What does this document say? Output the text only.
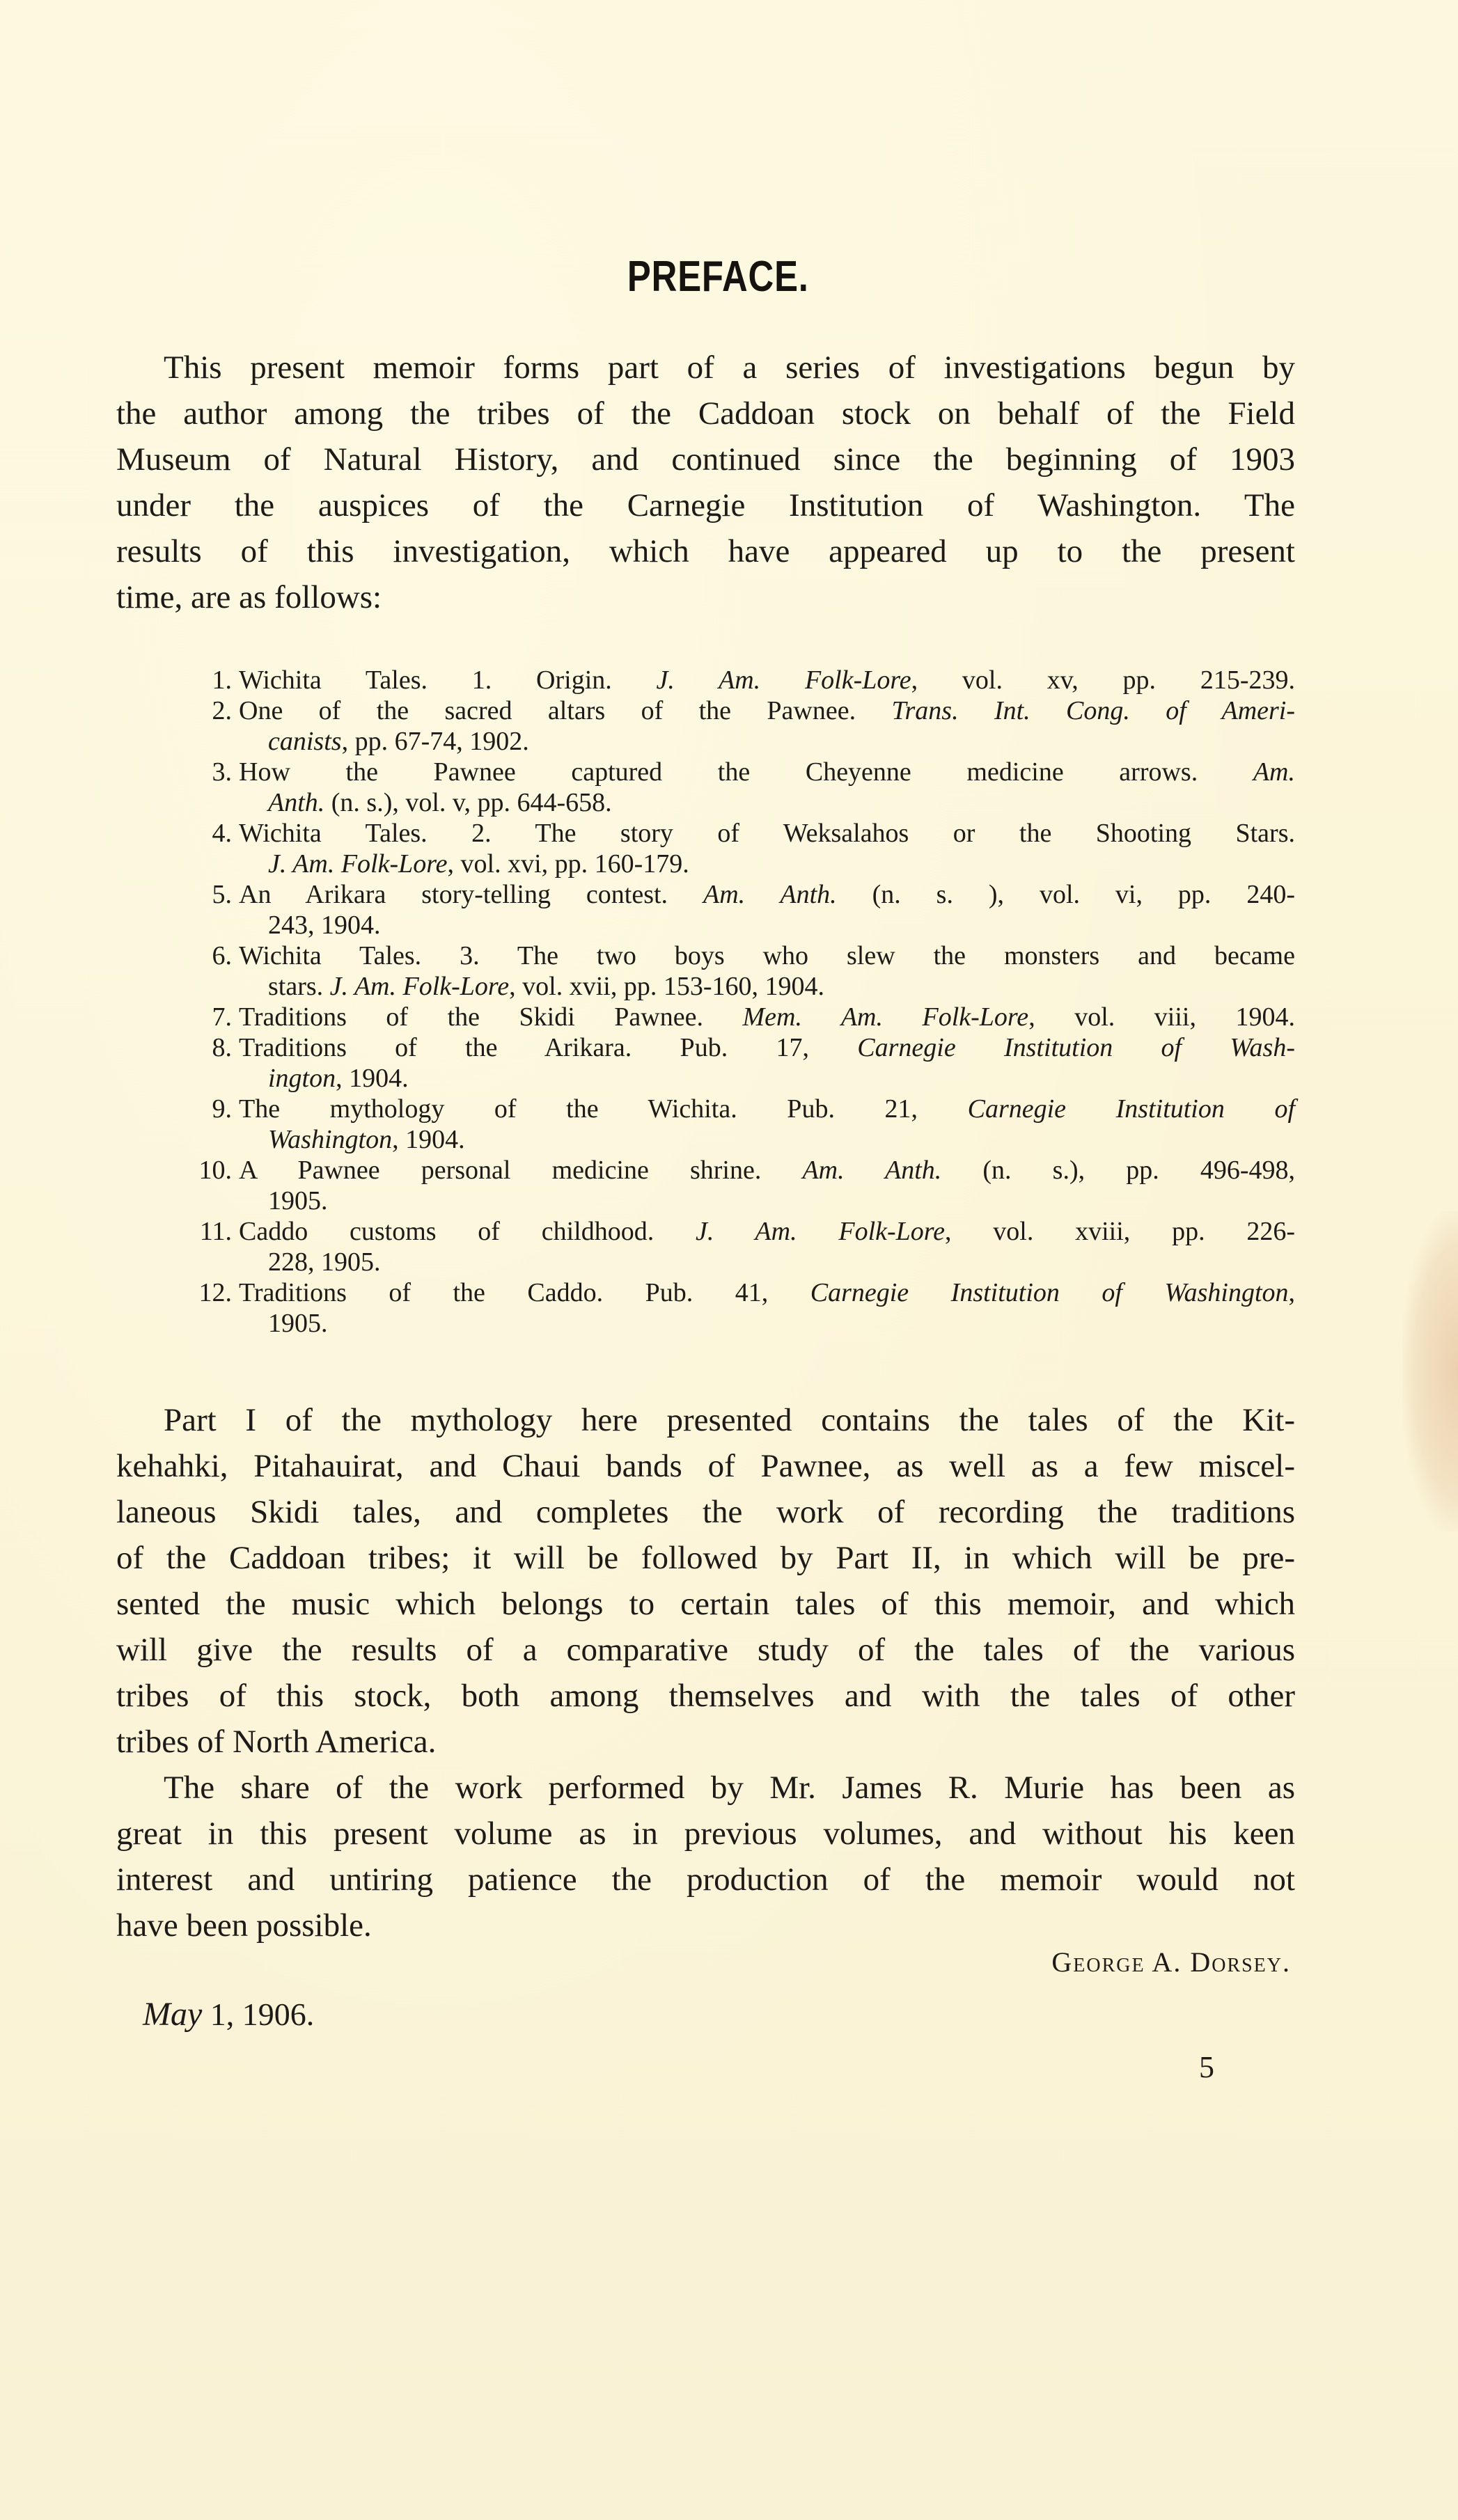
PREFACE.
This present memoir forms part of a series of investigations begun by
the author among the tribes of the Caddoan stock on behalf of the Field
Museum of Natural History, and continued since the beginning of 1903
under the auspices of the Carnegie Institution of Washington. The
results of this investigation, which have appeared up to the present
time, are as follows:
1. Wichita Tales. 1. Origin. J. Am. Folk-Lore, vol. xv, pp. 215-239.
2. One of the sacred altars of the Pawnee. Trans. Int. Cong. of Ameri-
canists, pp. 67-74, 1902.
3. How the Pawnee captured the Cheyenne medicine arrows. Am.
Anth. (n. s.), vol. v, pp. 644-658.
4. Wichita Tales. 2. The story of Weksalahos or the Shooting Stars.
J. Am. Folk-Lore, vol. xvi, pp. 160-179.
5. An Arikara story-telling contest. Am. Anth. (n. s. ), vol. vi, pp. 240-
243, 1904.
6. Wichita Tales. 3. The two boys who slew the monsters and became
stars. J. Am. Folk-Lore, vol. xvii, pp. 153-160, 1904.
7. Traditions of the Skidi Pawnee. Mem. Am. Folk-Lore, vol. viii, 1904.
8. Traditions of the Arikara. Pub. 17, Carnegie Institution of Wash-
ington, 1904.
9. The mythology of the Wichita. Pub. 21, Carnegie Institution of
Washington, 1904.
10. A Pawnee personal medicine shrine. Am. Anth. (n. s.), pp. 496-498,
1905.
11. Caddo customs of childhood. J. Am. Folk-Lore, vol. xviii, pp. 226-
228, 1905.
12. Traditions of the Caddo. Pub. 41, Carnegie Institution of Washington,
1905.
Part I of the mythology here presented contains the tales of the Kit-
kehahki, Pitahauirat, and Chaui bands of Pawnee, as well as a few miscel-
laneous Skidi tales, and completes the work of recording the traditions
of the Caddoan tribes; it will be followed by Part II, in which will be pre-
sented the music which belongs to certain tales of this memoir, and which
will give the results of a comparative study of the tales of the various
tribes of this stock, both among themselves and with the tales of other
tribes of North America.
The share of the work performed by Mr. James R. Murie has been as
great in this present volume as in previous volumes, and without his keen
interest and untiring patience the production of the memoir would not
have been possible.
George A. Dorsey.
May 1, 1906.
5
